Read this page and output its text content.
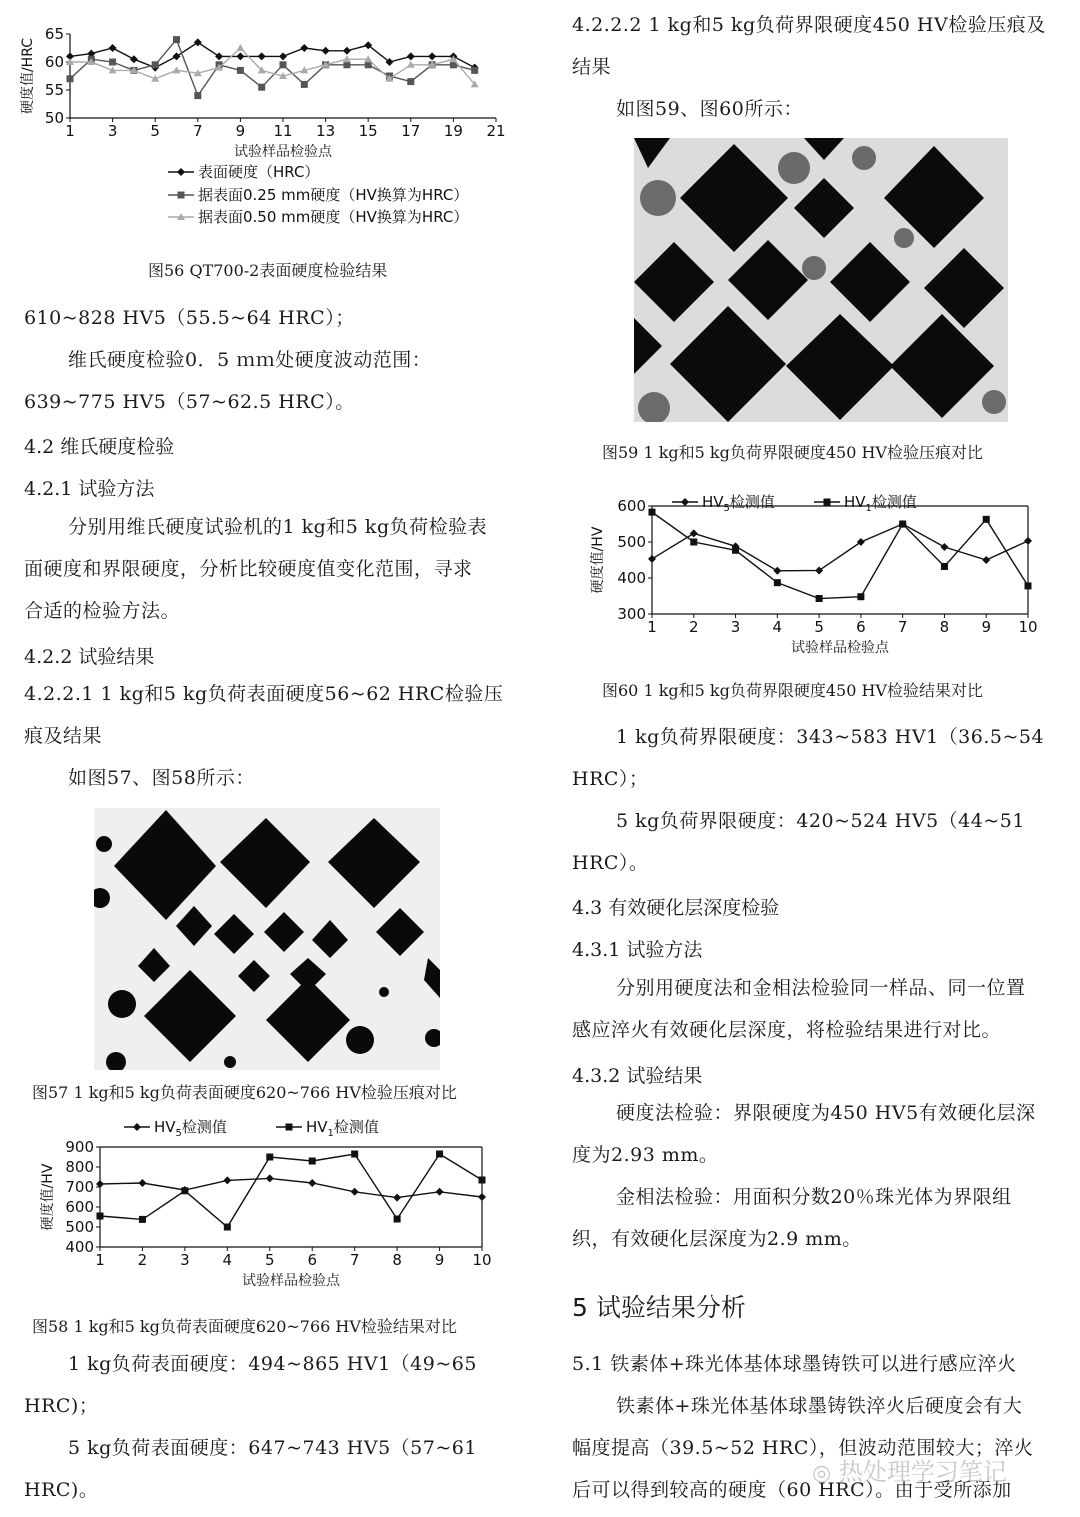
50
55
60
65
1 3 5 7 9 11 13 15 17 19 21
试验样品检验点
硬度值/HRC
表面硬度（HRC）
据表面0.25 mm硬度（HV换算为HRC）
据表面0.50 mm硬度（HV换算为HRC）
图56 QT700-2表面硬度检验结果
610~828 HV5（55.5~64 HRC）；
维氏硬度检验0．5 ｍｍ处硬度波动范围：
639~775 HV5（57~62.5 HRC）。
4.2 维氏硬度检验
4.2.1 试验方法
分别用维氏硬度试验机的1 kg和5 kg负荷检验表
面硬度和界限硬度，分析比较硬度值变化范围，寻求
合适的检验方法。
4.2.2 试验结果
4.2.2.1 1 kg和5 kg负荷表面硬度56~62 HRC检验压
痕及结果
如图57、图58所示：
图57 1 kg和5 kg负荷表面硬度620~766 HV检验压痕对比
400
500
600
700
800
900
1 2 3 4 5 6 7 8 9 10
试验样品检验点
硬度值/HV
$HV_5$检测值	$HV_1$检测值
图58 1 kg和5 kg负荷表面硬度620~766 HV检验结果对比
1 kg负荷表面硬度：494~865 HV1（49~65
HRC)；
5 kg负荷表面硬度：647~743 HV5（57~61
HRC)。
4.2.2.2 1 kg和5 kg负荷界限硬度450 HV检验压痕及
结果
如图59、图60所示：
图59 1 kg和5 kg负荷界限硬度450 HV检验压痕对比
300
400
500
600
1 2 3 4 5 6 7 8 9 10
试验样品检验点
硬度值/HV
$HV_5$检测值	$HV_1$检测值
图60 1 kg和5 kg负荷界限硬度450 HV检验结果对比
1 kg负荷界限硬度：343~583 HV1（36.5~54
HRC）；
5 kg负荷界限硬度：420~524 HV5（44~51
HRC）。
4.3 有效硬化层深度检验
4.3.1 试验方法
分别用硬度法和金相法检验同一样品、同一位置
感应淬火有效硬化层深度，将检验结果进行对比。
4.3.2 试验结果
硬度法检验：界限硬度为450 HV5有效硬化层深
度为2.93 mm。
金相法检验：用面积分数20％珠光体为界限组
织，有效硬化层深度为2.9 mm。
5 试验结果分析
5.1 铁素体+珠光体基体球墨铸铁可以进行感应淬火
铁素体+珠光体基体球墨铸铁淬火后硬度会有大
幅度提高（39.5~52 HRC），但波动范围较大；淬火
后可以得到较高的硬度（60 HRC）。由于受所添加
◎ 热处理学习笔记
